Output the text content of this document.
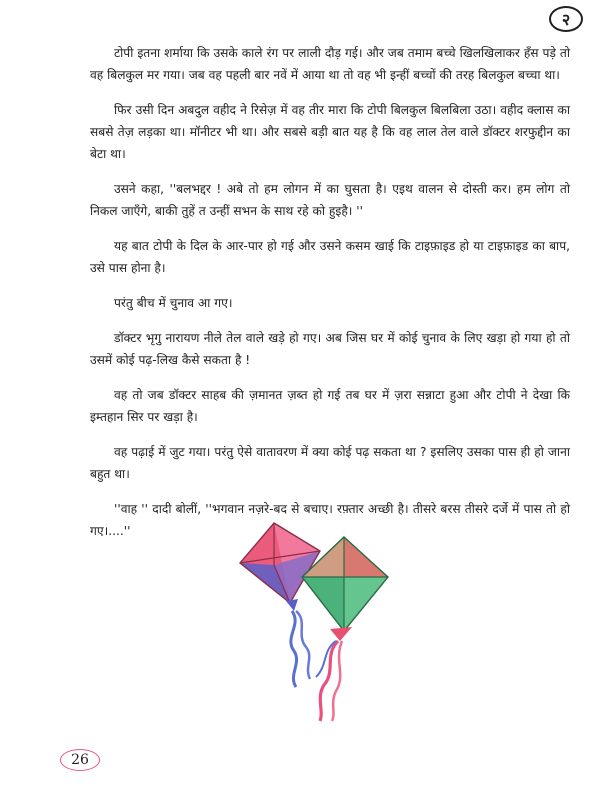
२

टोपी इतना शर्माया कि उसके काले रंग पर लाली दौड़ गई। और जब तमाम बच्चे खिलखिलाकर हँस पड़े तो वह बिलकुल मर गया। जब वह पहली बार नवें में आया था तो वह भी इन्हीं बच्चों की तरह बिलकुल बच्चा था।

फिर उसी दिन अबदुल वहीद ने रिसेज़ में वह तीर मारा कि टोपी बिलकुल बिलबिला उठा। वहीद क्लास का सबसे तेज़ लड़का था। मॉनीटर भी था। और सबसे बड़ी बात यह है कि वह लाल तेल वाले डॉक्टर शरफुद्दीन का बेटा था।

उसने कहा, ''बलभद्दर ! अबे तो हम लोगन में का घुसता है। एइथ वालन से दोस्ती कर। हम लोग तो निकल जाएँगे, बाकी तुहें त उन्हीं सभन के साथ रहे को हुइहै। ''

यह बात टोपी के दिल के आर-पार हो गई और उसने कसम खाई कि टाइफ़ाइड हो या टाइफ़ाइड का बाप, उसे पास होना है।

परंतु बीच में चुनाव आ गए।

डॉक्टर भृगु नारायण नीले तेल वाले खड़े हो गए। अब जिस घर में कोई चुनाव के लिए खड़ा हो गया हो तो उसमें कोई पढ़-लिख कैसे सकता है !

वह तो जब डॉक्टर साहब की ज़मानत ज़ब्त हो गई तब घर में ज़रा सन्नाटा हुआ और टोपी ने देखा कि इम्तहान सिर पर खड़ा है।

वह पढ़ाई में जुट गया। परंतु ऐसे वातावरण में क्या कोई पढ़ सकता था ? इसलिए उसका पास ही हो जाना बहुत था।

''वाह '' दादी बोलीं, ''भगवान नज़रे-बद से बचाए। रफ़्तार अच्छी है। तीसरे बरस तीसरे दर्जे में पास तो हो गए।....''

26
